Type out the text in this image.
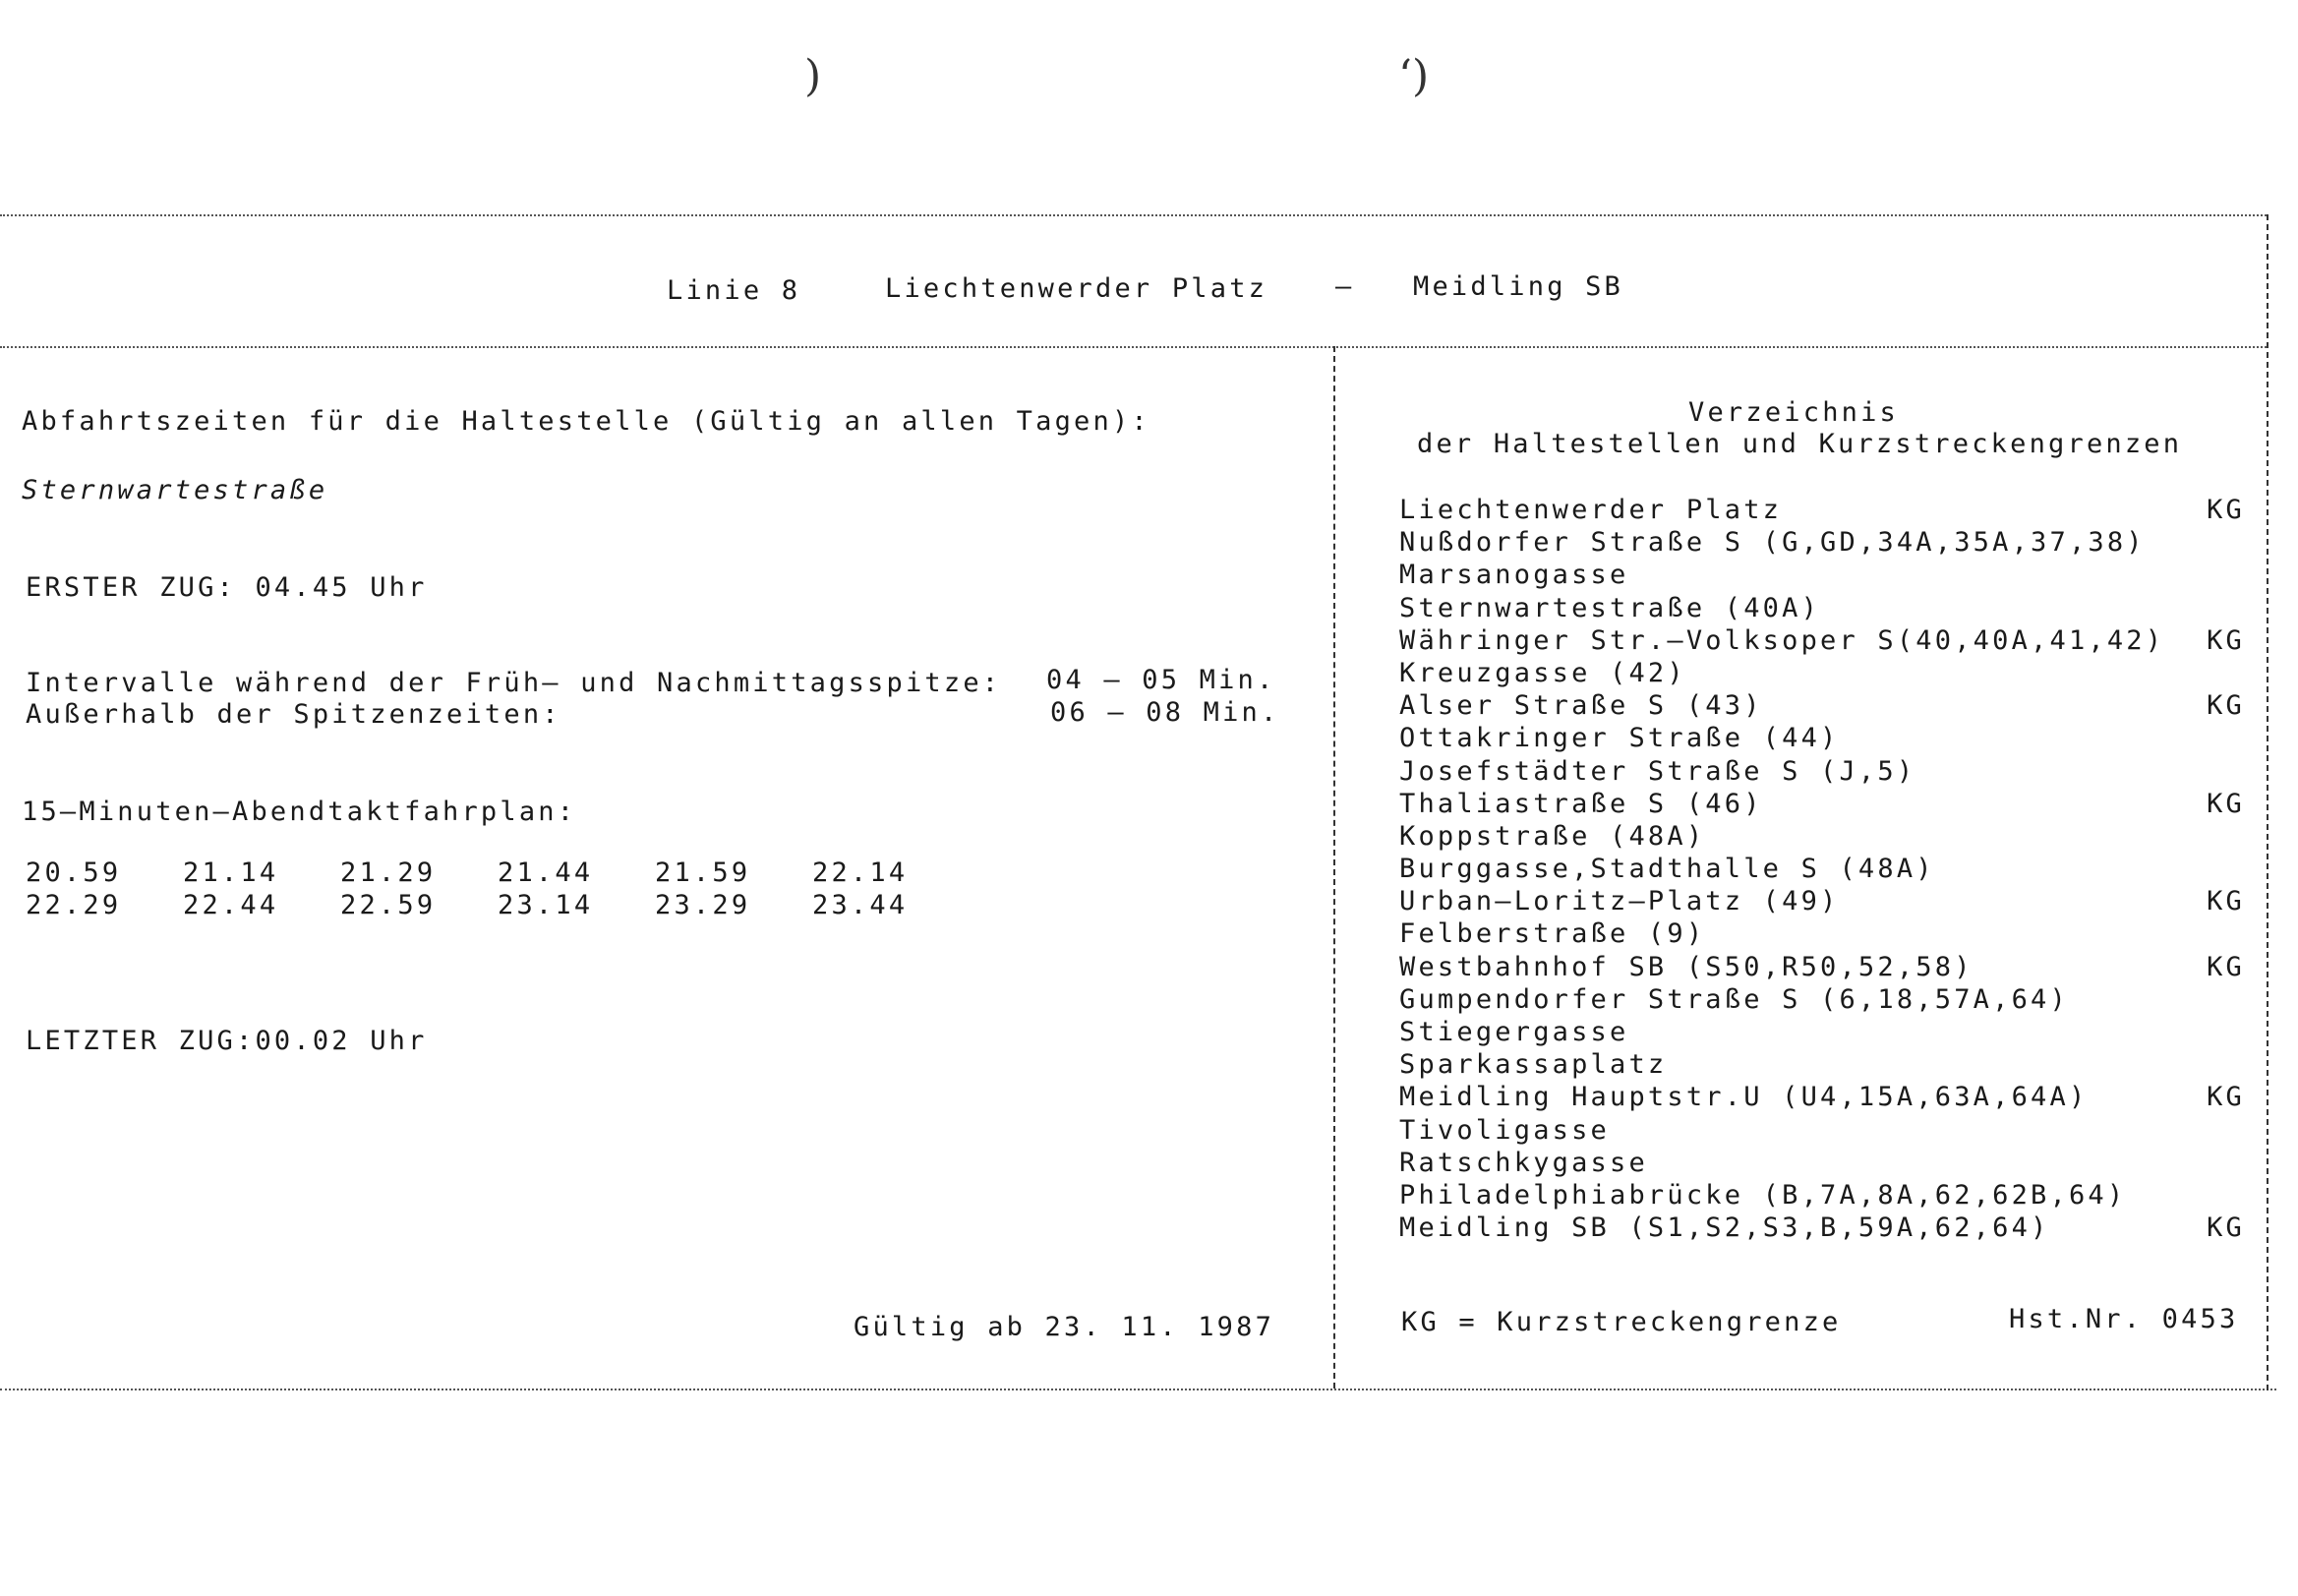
)	‘)
Linie 8	Liechtenwerder Platz	– Meidling SB
Abfahrtszeiten für die Haltestelle (Gültig an allen Tagen):
Sternwartestraße
ERSTER ZUG: 04.45 Uhr
Intervalle während der Früh– und Nachmittagsspitze: 04 – 05 Min.
Außerhalb der Spitzenzeiten:	06 – 08 Min.
15–Minuten–Abendtaktfahrplan:
20.59	21.14	21.29	21.44	21.59	22.14
22.29	22.44	22.59	23.14	23.29	23.44
LETZTER ZUG:00.02 Uhr
Gültig ab 23. 11. 1987
Verzeichnis
der Haltestellen und Kurzstreckengrenzen
Liechtenwerder Platz	KG
Nußdorfer Straße S (G,GD,34A,35A,37,38)
Marsanogasse
Sternwartestraße (40A)
Währinger Str.–Volksoper S(40,40A,41,42) KG
Kreuzgasse (42)
Alser Straße S (43)	KG
Ottakringer Straße (44)
Josefstädter Straße S (J,5)
Thaliastraße S (46)	KG
Koppstraße (48A)
Burggasse,Stadthalle S (48A)
Urban–Loritz–Platz (49)	KG
Felberstraße (9)
Westbahnhof SB (S50,R50,52,58)	KG
Gumpendorfer Straße S (6,18,57A,64)
Stiegergasse
Sparkassaplatz
Meidling Hauptstr.U (U4,15A,63A,64A)	KG
Tivoligasse
Ratschkygasse
Philadelphiabrücke (B,7A,8A,62,62B,64)
Meidling SB (S1,S2,S3,B,59A,62,64)	KG
KG = Kurzstreckengrenze	Hst.Nr. 0453
